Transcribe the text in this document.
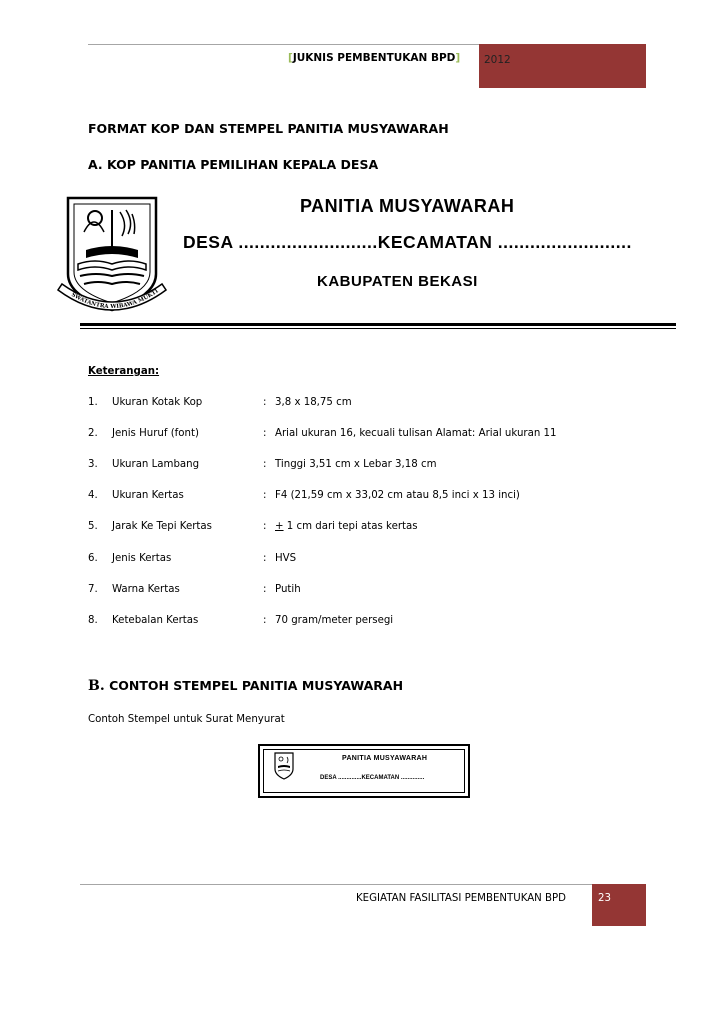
[JUKNIS PEMBENTUKAN BPD] 2012
FORMAT KOP DAN STEMPEL PANITIA MUSYAWARAH
A. KOP PANITIA PEMILIHAN KEPALA DESA
SWATANTRA WIBAWA MUKTI
PANITIA MUSYAWARAH
DESA ..........................KECAMATAN .........................
KABUPATEN BEKASI
Keterangan:
1. Ukuran Kotak Kop	: 3,8 x 18,75 cm
2. Jenis Huruf (font)	: Arial ukuran 16, kecuali tulisan Alamat: Arial ukuran 11
3. Ukuran Lambang	: Tinggi 3,51 cm x Lebar 3,18 cm
4. Ukuran Kertas	: F4 (21,59 cm x 33,02 cm atau 8,5 inci x 13 inci)
5. Jarak Ke Tepi Kertas	: + 1 cm dari tepi atas kertas
6. Jenis Kertas	: HVS
7. Warna Kertas	: Putih
8. Ketebalan Kertas	: 70 gram/meter persegi
B. CONTOH STEMPEL PANITIA MUSYAWARAH
Contoh Stempel untuk Surat Menyurat
PANITIA MUSYAWARAH
DESA ..............KECAMATAN ..............
KEGIATAN FASILITASI PEMBENTUKAN BPD	23
